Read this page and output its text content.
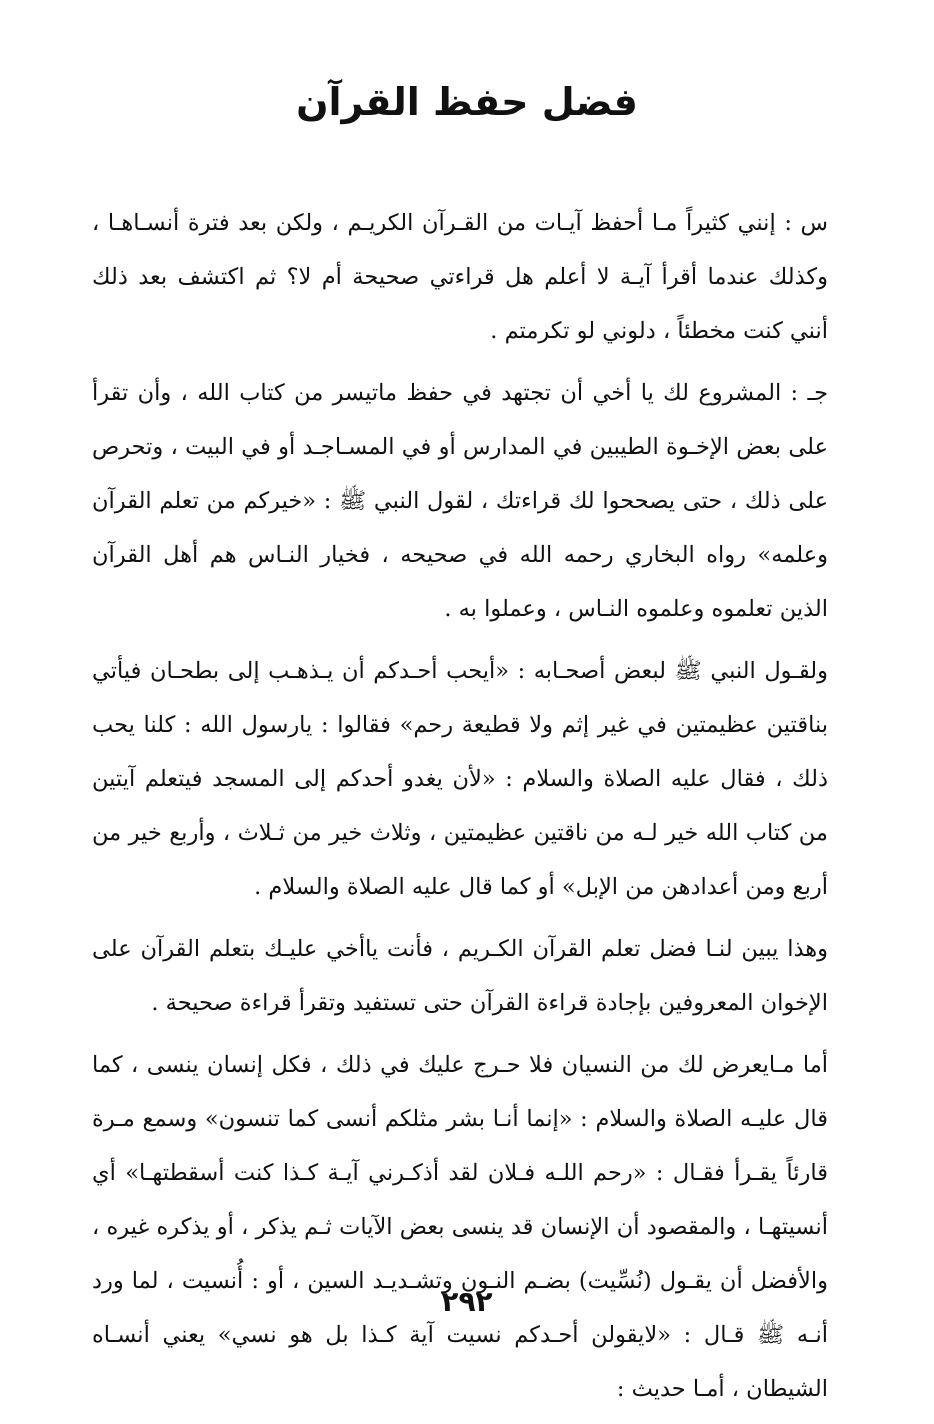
فضل حفظ القرآن

س : إنني كثيراً مـا أحفظ آيـات من القـرآن الكريـم ، ولكن بعد فترة أنسـاهـا ، وكذلك عندما أقرأ آيـة لا أعلم هل قراءتي صحيحة أم لا؟ ثم اكتشف بعد ذلك أنني كنت مخطئاً ، دلوني لو تكرمتم .

جـ : المشروع لك يا أخي أن تجتهد في حفظ ماتيسر من كتاب الله ، وأن تقرأ على بعض الإخـوة الطيبين في المدارس أو في المسـاجـد أو في البيت ، وتحرص على ذلك ، حتى يصححوا لك قراءتك ، لقول النبي ﷺ : «خيركم من تعلم القرآن وعلمه» رواه البخاري رحمه الله في صحيحه ، فخيار النـاس هم أهل القرآن الذين تعلموه وعلموه النـاس ، وعملوا به .

ولقـول النبي ﷺ لبعض أصحـابه : «أيحب أحـدكم أن يـذهـب إلى بطحـان فيأتي بناقتين عظيمتين في غير إثم ولا قطيعة رحم» فقالوا : يارسول الله : كلنا يحب ذلك ، فقال عليه الصلاة والسلام : «لأن يغدو أحدكم إلى المسجد فيتعلم آيتين من كتاب الله خير لـه من ناقتين عظيمتين ، وثلاث خير من ثـلاث ، وأربع خير من أربع ومن أعدادهن من الإبل» أو كما قال عليه الصلاة والسلام .

وهذا يبين لنـا فضل تعلم القرآن الكـريم ، فأنت ياأخي عليـك بتعلم القرآن على الإخوان المعروفين بإجادة قراءة القرآن حتى تستفيد وتقرأ قراءة صحيحة .

أما مـايعرض لك من النسيان فلا حـرج عليك في ذلك ، فكل إنسان ينسى ، كما قال عليـه الصلاة والسلام : «إنما أنـا بشر مثلكم أنسى كما تنسون» وسمع مـرة قارئاً يقـرأ فقـال : «رحم اللـه فـلان لقد أذكـرني آيـة كـذا كنت أسقطتهـا» أي أنسيتهـا ، والمقصود أن الإنسان قد ينسى بعض الآيات ثـم يذكر ، أو يذكره غيره ، والأفضل أن يقـول (نُسِّيت) بضـم النـون وتشـديـد السين ، أو : أُنسيت ، لما ورد أنـه ﷺ قـال : «لايقولن أحـدكم نسيت آية كـذا بل هو نسي» يعني أنسـاه الشيطان ، أمـا حديث :

٢٩٢
